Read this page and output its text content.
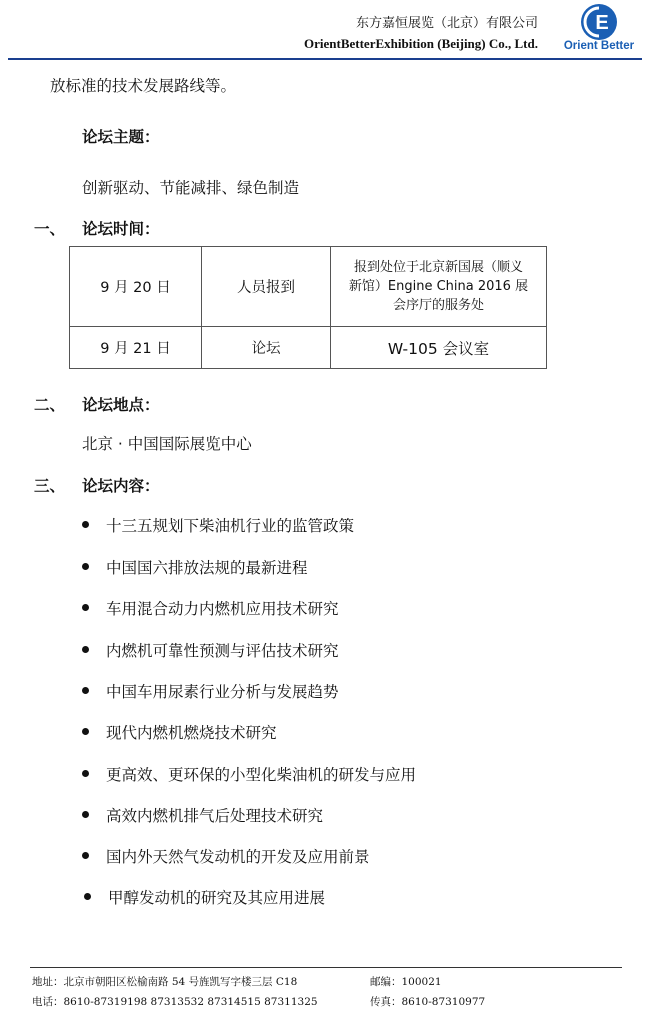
东方嘉恒展览（北京）有限公司
OrientBetterExhibition (Beijing) Co., Ltd.
E
Orient Better
放标准的技术发展路线等。
论坛主题：
创新驱动、节能减排、绿色制造
一、 论坛时间：
9 月 20 日	人员报到	报到处位于北京新国展（顺义
新馆）Engine China 2016 展
会序厅的服务处

9 月 21 日	论坛	W-105 会议室
二、 论坛地点：
北京 · 中国国际展览中心
三、 论坛内容：
十三五规划下柴油机行业的监管政策
中国国六排放法规的最新进程
车用混合动力内燃机应用技术研究
内燃机可靠性预测与评估技术研究
中国车用尿素行业分析与发展趋势
现代内燃机燃烧技术研究
更高效、更环保的小型化柴油机的研发与应用
高效内燃机排气后处理技术研究
国内外天然气发动机的开发及应用前景
甲醇发动机的研究及其应用进展
地址：北京市朝阳区松榆南路 54 号旌凯写字楼三层 C18	邮编：100021
电话：8610-87319198 87313532 87314515 87311325	传真：8610-87310977
